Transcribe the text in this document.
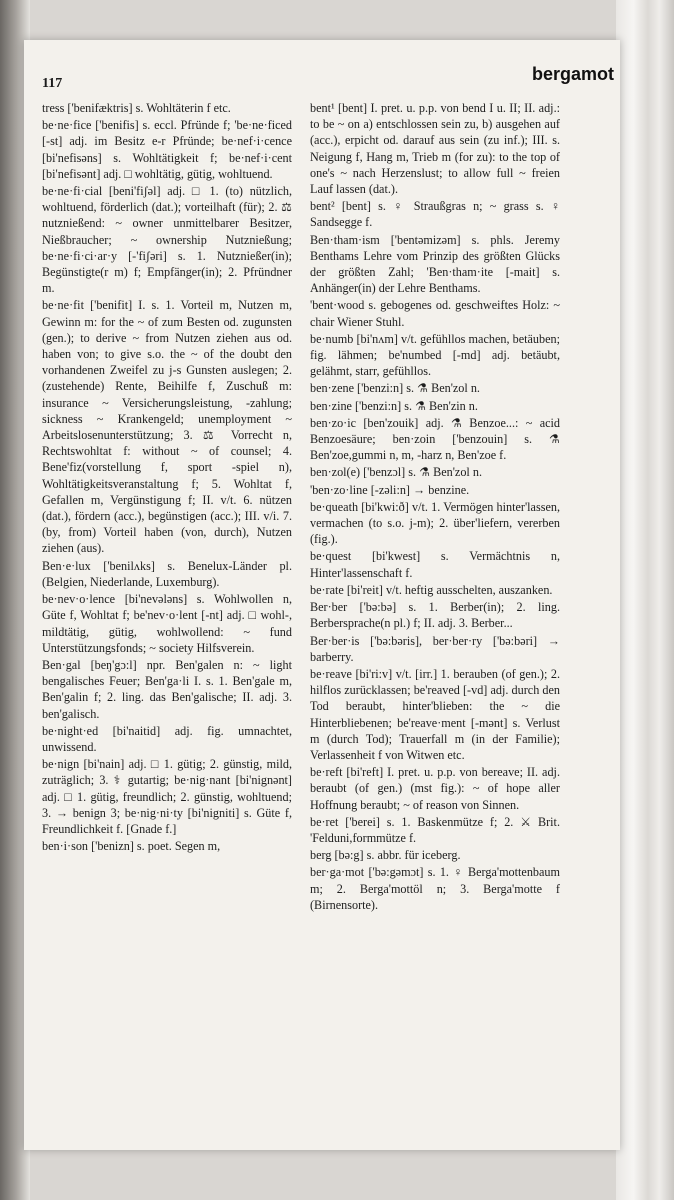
117	bergamot

tress ['benifæktris] s. Wohltäterin f etc.

be·ne·fice ['benifis] s. eccl. Pfründe f; 'be·ne·ficed [-st] adj. im Besitz e-r Pfründe; be·nef·i·cence [bi'nefisəns] s. Wohltätigkeit f; be·nef·i·cent [bi'nefisənt] adj. □ wohltätig, gütig, wohltuend.

be·ne·fi·cial [beni'fiʃəl] adj. □ 1. (to) nützlich, wohltuend, förderlich (dat.); vorteilhaft (für); 2. ⚖ nutznießend: ~ owner unmittelbarer Besitzer, Nießbraucher; ~ ownership Nutznießung; be·ne·fi·ci·ar·y [-'fiʃəri] s. 1. Nutznießer(in); Begünstigte(r m) f; Empfänger(in); 2. Pfründner m.

be·ne·fit ['benifit] I. s. 1. Vorteil m, Nutzen m, Gewinn m: for the ~ of zum Besten od. zugunsten (gen.); to derive ~ from Nutzen ziehen aus od. haben von; to give s.o. the ~ of the doubt den vorhandenen Zweifel zu j-s Gunsten auslegen; 2. (zustehende) Rente, Beihilfe f, Zuschuß m: insurance ~ Versicherungsleistung, -zahlung; sickness ~ Krankengeld; unemployment ~ Arbeitslosenunterstützung; 3. ⚖ Vorrecht n, Rechtswohltat f: without ~ of counsel; 4. Bene'fiz(vorstellung f, sport -spiel n), Wohltätigkeitsveranstaltung f; 5. Wohltat f, Gefallen m, Vergünstigung f; II. v/t. 6. nützen (dat.), fördern (acc.), begünstigen (acc.); III. v/i. 7. (by, from) Vorteil haben (von, durch), Nutzen ziehen (aus).

Ben·e·lux ['benilʌks] s. Benelux-Länder pl. (Belgien, Niederlande, Luxemburg).

be·nev·o·lence [bi'nevələns] s. Wohlwollen n, Güte f, Wohltat f; be'nev·o·lent [-nt] adj. □ wohl-, mildtätig, gütig, wohlwollend: ~ fund Unterstützungsfonds; ~ society Hilfsverein.

Ben·gal [beŋ'gɔ:l] npr. Ben'galen n: ~ light bengalisches Feuer; Ben'ga·li I. s. 1. Ben'gale m, Ben'galin f; 2. ling. das Ben'galische; II. adj. 3. ben'galisch.

be·night·ed [bi'naitid] adj. fig. umnachtet, unwissend.

be·nign [bi'nain] adj. □ 1. gütig; 2. günstig, mild, zuträglich; 3. ⚕ gutartig; be·nig·nant [bi'nignənt] adj. □ 1. gütig, freundlich; 2. günstig, wohltuend; 3. → benign 3; be·nig·ni·ty [bi'nigniti] s. Güte f, Freundlichkeit f. [Gnade f.]

ben·i·son ['benizn] s. poet. Segen m,

bent¹ [bent] I. pret. u. p.p. von bend I u. II; II. adj.: to be ~ on a) entschlossen sein zu, b) ausgehen auf (acc.), erpicht od. darauf aus sein (zu inf.); III. s. Neigung f, Hang m, Trieb m (for zu): to the top of one's ~ nach Herzenslust; to allow full ~ freien Lauf lassen (dat.).

bent² [bent] s. ♀ Straußgras n; ~ grass s. ♀ Sandsegge f.

Ben·tham·ism ['bentəmizəm] s. phls. Jeremy Benthams Lehre vom Prinzip des größten Glücks der größten Zahl; 'Ben·tham·ite [-mait] s. Anhänger(in) der Lehre Benthams.

'bent·wood s. gebogenes od. geschweiftes Holz: ~ chair Wiener Stuhl.

be·numb [bi'nʌm] v/t. gefühllos machen, betäuben; fig. lähmen; be'numbed [-md] adj. betäubt, gelähmt, starr, gefühllos.

ben·zene ['benzi:n] s. ⚗ Ben'zol n.

ben·zine ['benzi:n] s. ⚗ Ben'zin n.

ben·zo·ic [ben'zouik] adj. ⚗ Benzoe...: ~ acid Benzoesäure; ben·zoin ['benzouin] s. ⚗ Ben'zoe,gummi n, m, -harz n, Ben'zoe f.

ben·zol(e) ['benzɔl] s. ⚗ Ben'zol n.

'ben·zo·line [-zəli:n] → benzine.

be·queath [bi'kwi:ð] v/t. 1. Vermögen hinter'lassen, vermachen (to s.o. j-m); 2. über'liefern, vererben (fig.).

be·quest [bi'kwest] s. Vermächtnis n, Hinter'lassenschaft f.

be·rate [bi'reit] v/t. heftig ausschelten, auszanken.

Ber·ber ['bə:bə] s. 1. Berber(in); 2. ling. Berbersprache(n pl.) f; II. adj. 3. Berber...

Ber·ber·is ['bə:bəris], ber·ber·ry ['bə:bəri] → barberry.

be·reave [bi'ri:v] v/t. [irr.] 1. berauben (of gen.); 2. hilflos zurücklassen; be'reaved [-vd] adj. durch den Tod beraubt, hinter'blieben: the ~ die Hinterbliebenen; be'reave·ment [-mənt] s. Verlust m (durch Tod); Trauerfall m (in der Familie); Verlassenheit f von Witwen etc.

be·reft [bi'reft] I. pret. u. p.p. von bereave; II. adj. beraubt (of gen.) (mst fig.): ~ of hope aller Hoffnung beraubt; ~ of reason von Sinnen.

be·ret ['berei] s. 1. Baskenmütze f; 2. ⚔ Brit. 'Felduni,formmütze f.

berg [bə:g] s. abbr. für iceberg.

ber·ga·mot ['bə:gəmɔt] s. 1. ♀ Berga'mottenbaum m; 2. Berga'mottöl n; 3. Berga'motte f (Birnensorte).
